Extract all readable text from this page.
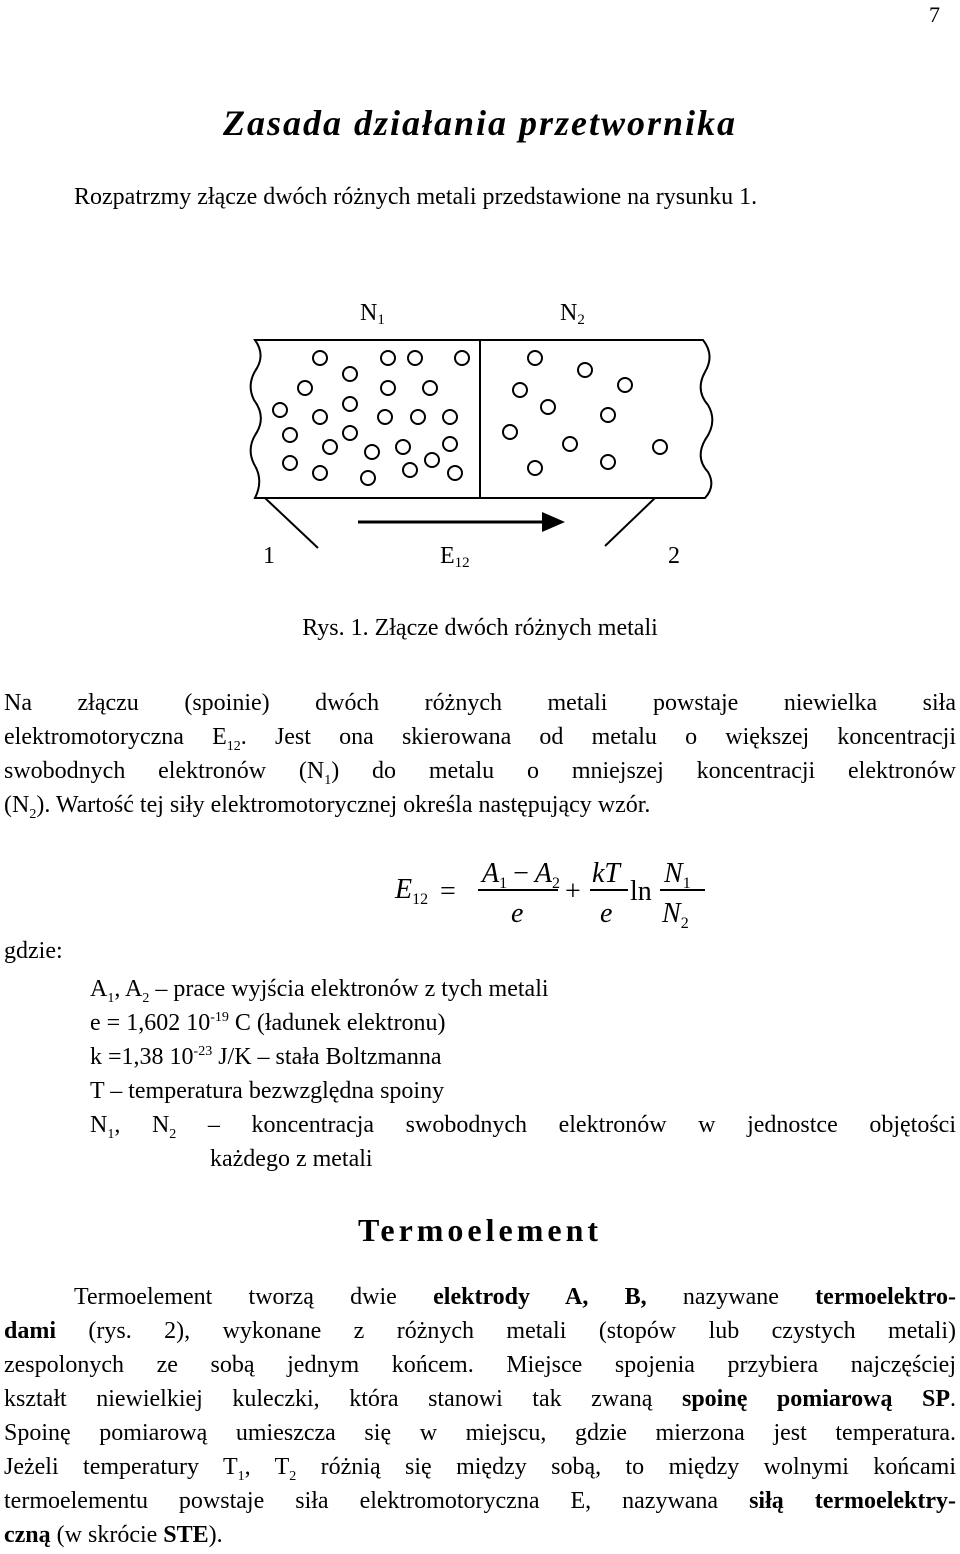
7
Zasada działania przetwornika

Rozpatrzmy złącze dwóch różnych metali przedstawione na rysunku 1.

N1	N2
1	2
E12
Rys. 1. Złącze dwóch różnych metali

Na złączu (spoinie) dwóch różnych metali powstaje niewielka siła

elektromotoryczna $E_{12}$. Jest ona skierowana od metalu o większej koncentracji

swobodnych elektronów $(N_1)$ do metalu o mniejszej koncentracji elektronów

$(N_2)$. Wartość tej siły elektromotorycznej określa następujący wzór.

$E_{12}$ =
$A_1 - A_2$
e
+
kT
e
ln
$N_1$
$N_2$
gdzie:
$A_1$, $A_2$ – prace wyjścia elektronów z tych metali
e = 1,602 $10^{-19}$ C (ładunek elektronu)
k =1,38 $10^{-23}$ J/K – stała Boltzmanna
T – temperatura bezwzględna spoiny
$N_1$, $N_2$ – koncentracja swobodnych elektronów w jednostce objętości
każdego z metali
Termoelement

Termoelement tworzą dwie elektrody A, B, nazywane termoelektro-

dami (rys. 2), wykonane z różnych metali (stopów lub czystych metali)

zespolonych ze sobą jednym końcem. Miejsce spojenia przybiera najczęściej

kształt niewielkiej kuleczki, która stanowi tak zwaną spoinę pomiarową SP.

Spoinę pomiarową umieszcza się w miejscu, gdzie mierzona jest temperatura.

Jeżeli temperatury $T_1$, $T_2$ różnią się między sobą, to między wolnymi końcami

termoelementu powstaje siła elektromotoryczna E, nazywana siłą termoelektry-

czną (w skrócie STE).
